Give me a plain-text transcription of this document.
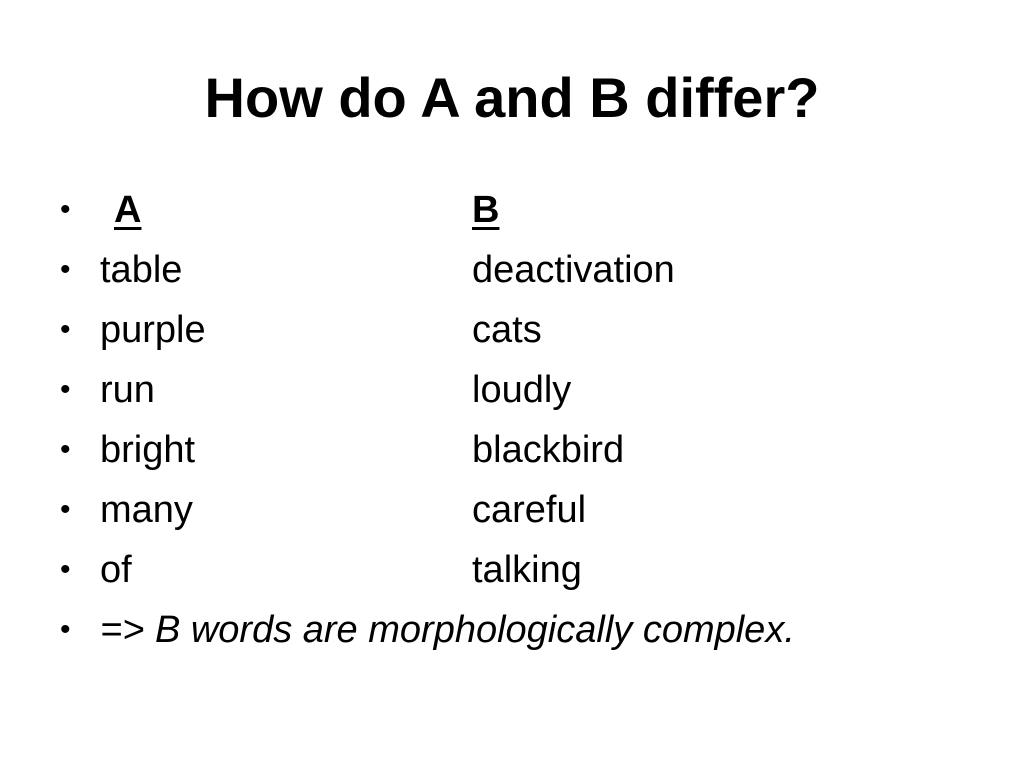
How do A and B differ?
• A	B
• table	deactivation
• purple	cats
• run	loudly
• bright	blackbird
• many	careful
• of	talking
• => B words are morphologically complex.
